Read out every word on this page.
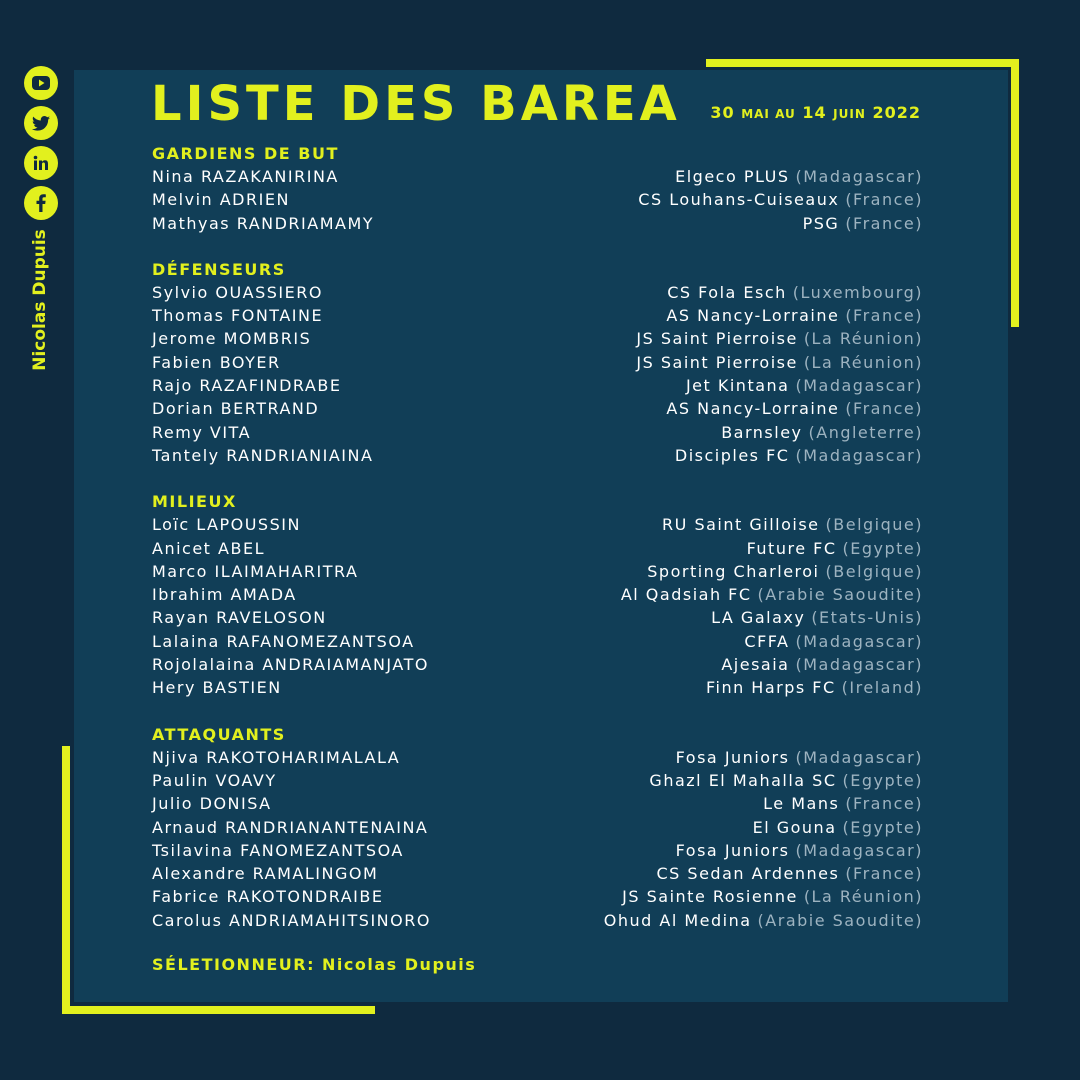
Nicolas Dupuis
LISTE DES BAREA 30 MAI AU 14 JUIN 2022
GARDIENS DE BUT
Nina RAZAKANIRINA	Elgeco PLUS (Madagascar)
Melvin ADRIEN	CS Louhans-Cuiseaux (France)
Mathyas RANDRIAMAMY	PSG (France)
DÉFENSEURS
Sylvio OUASSIERO	CS Fola Esch (Luxembourg)
Thomas FONTAINE	AS Nancy-Lorraine (France)
Jerome MOMBRIS	JS Saint Pierroise (La Réunion)
Fabien BOYER	JS Saint Pierroise (La Réunion)
Rajo RAZAFINDRABE	Jet Kintana (Madagascar)
Dorian BERTRAND	AS Nancy-Lorraine (France)
Remy VITA	Barnsley (Angleterre)
Tantely RANDRIANIAINA	Disciples FC (Madagascar)
MILIEUX
Loïc LAPOUSSIN	RU Saint Gilloise (Belgique)
Anicet ABEL	Future FC (Egypte)
Marco ILAIMAHARITRA	Sporting Charleroi (Belgique)
Ibrahim AMADA	Al Qadsiah FC (Arabie Saoudite)
Rayan RAVELOSON	LA Galaxy (Etats-Unis)
Lalaina RAFANOMEZANTSOA	CFFA (Madagascar)
Rojolalaina ANDRAIAMANJATO	Ajesaia (Madagascar)
Hery BASTIEN	Finn Harps FC (Ireland)
ATTAQUANTS
Njiva RAKOTOHARIMALALA	Fosa Juniors (Madagascar)
Paulin VOAVY	Ghazl El Mahalla SC (Egypte)
Julio DONISA	Le Mans (France)
Arnaud RANDRIANANTENAINA	El Gouna (Egypte)
Tsilavina FANOMEZANTSOA	Fosa Juniors (Madagascar)
Alexandre RAMALINGOM	CS Sedan Ardennes (France)
Fabrice RAKOTONDRAIBE	JS Sainte Rosienne (La Réunion)
Carolus ANDRIAMAHITSINORO	Ohud Al Medina (Arabie Saoudite)
SÉLETIONNEUR: Nicolas Dupuis
